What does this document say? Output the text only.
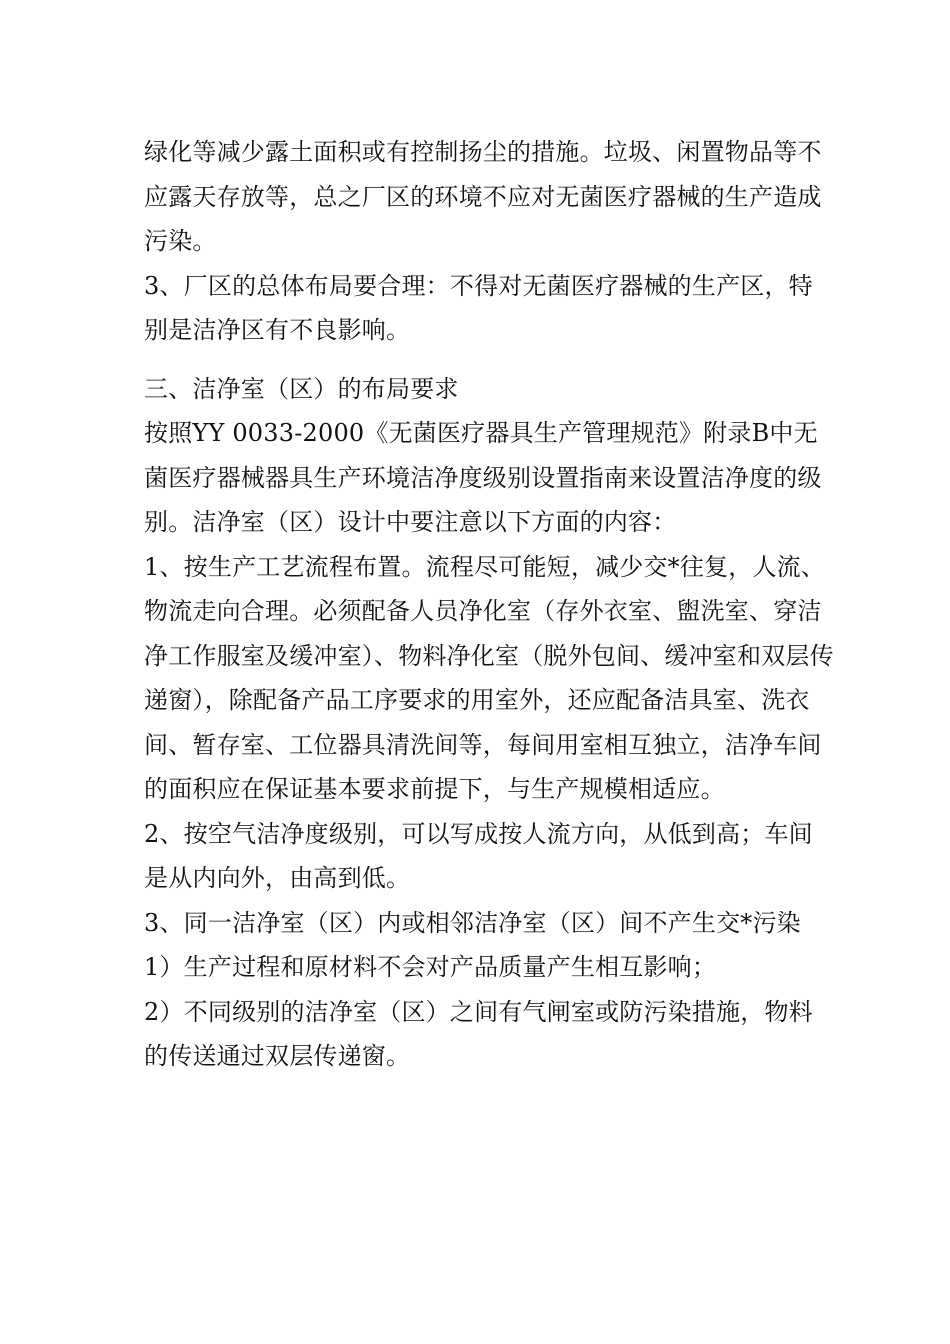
绿化等减少露土面积或有控制扬尘的措施。垃圾、闲置物品等不应露天存放等，总之厂区的环境不应对无菌医疗器械的生产造成污染。

3、厂区的总体布局要合理：不得对无菌医疗器械的生产区，特别是洁净区有不良影响。

三、洁净室（区）的布局要求

按照YY 0033-2000《无菌医疗器具生产管理规范》附录B中无菌医疗器械器具生产环境洁净度级别设置指南来设置洁净度的级别。洁净室（区）设计中要注意以下方面的内容：

1、按生产工艺流程布置。流程尽可能短，减少交*往复，人流、物流走向合理。必须配备人员净化室（存外衣室、盥洗室、穿洁净工作服室及缓冲室）、物料净化室（脱外包间、缓冲室和双层传递窗），除配备产品工序要求的用室外，还应配备洁具室、洗衣间、暂存室、工位器具清洗间等，每间用室相互独立，洁净车间的面积应在保证基本要求前提下，与生产规模相适应。

2、按空气洁净度级别，可以写成按人流方向，从低到高；车间是从内向外，由高到低。

3、同一洁净室（区）内或相邻洁净室（区）间不产生交*污染

1）生产过程和原材料不会对产品质量产生相互影响；

2）不同级别的洁净室（区）之间有气闸室或防污染措施，物料的传送通过双层传递窗。
